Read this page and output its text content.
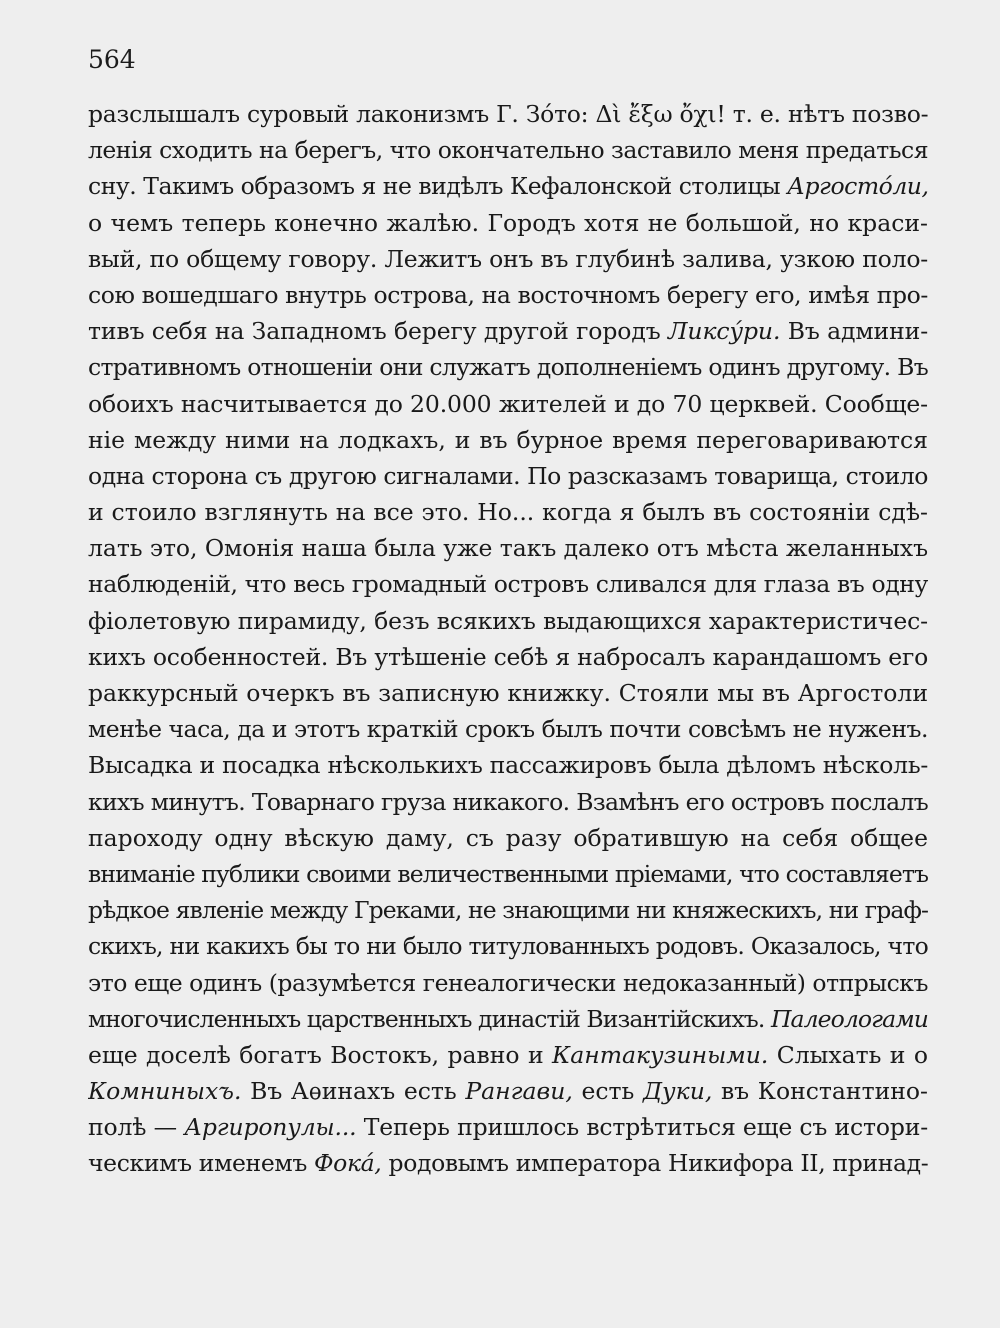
564
разслышалъ суровый лаконизмъ Г. Зо́то: Δὶ ἔξω ὄχι! т. е. нѣтъ позво-
ленія сходить на берегъ, что окончательно заставило меня предаться
сну. Такимъ образомъ я не видѣлъ Кефалонской столицы Аргосто́ли,
о чемъ теперь конечно жалѣю. Городъ хотя не большой, но краси-
вый, по общему говору. Лежитъ онъ въ глубинѣ залива, узкою поло-
сою вошедшаго внутрь острова, на восточномъ берегу его, имѣя про-
тивъ себя на Западномъ берегу другой городъ Ликсу́ри. Въ админи-
стративномъ отношеніи они служатъ дополненіемъ одинъ другому. Въ
обоихъ насчитывается до 20.000 жителей и до 70 церквей. Сообще-
ніе между ними на лодкахъ, и въ бурное время переговариваются
одна сторона съ другою сигналами. По разсказамъ товарища, стоило
и стоило взглянуть на все это. Но... когда я былъ въ состояніи сдѣ-
лать это, Омонія наша была уже такъ далеко отъ мѣста желанныхъ
наблюденій, что весь громадный островъ сливался для глаза въ одну
фіолетовую пирамиду, безъ всякихъ выдающихся характеристичес-
кихъ особенностей. Въ утѣшеніе себѣ я набросалъ карандашомъ его
раккурсный очеркъ въ записную книжку. Стояли мы въ Аргостоли
менѣе часа, да и этотъ краткій срокъ былъ почти совсѣмъ не нуженъ.
Высадка и посадка нѣсколькихъ пассажировъ была дѣломъ нѣсколь-
кихъ минутъ. Товарнаго груза никакого. Взамѣнъ его островъ послалъ
пароходу одну вѣскую даму, съ разу обратившую на себя общее
вниманіе публики своими величественными пріемами, что составляетъ
рѣдкое явленіе между Греками, не знающими ни княжескихъ, ни граф-
скихъ, ни какихъ бы то ни было титулованныхъ родовъ. Оказалось, что
это еще одинъ (разумѣется генеалогически недоказанный) отпрыскъ
многочисленныхъ царственныхъ династій Византійскихъ. Палеологами
еще доселѣ богатъ Востокъ, равно и Кантакузиными. Слыхать и о
Комниныхъ. Въ Аѳинахъ есть Рангави, есть Дуки, въ Константино-
полѣ — Аргиропулы... Теперь пришлось встрѣтиться еще съ истори-
ческимъ именемъ Фока́, родовымъ императора Никифора II, принад-
